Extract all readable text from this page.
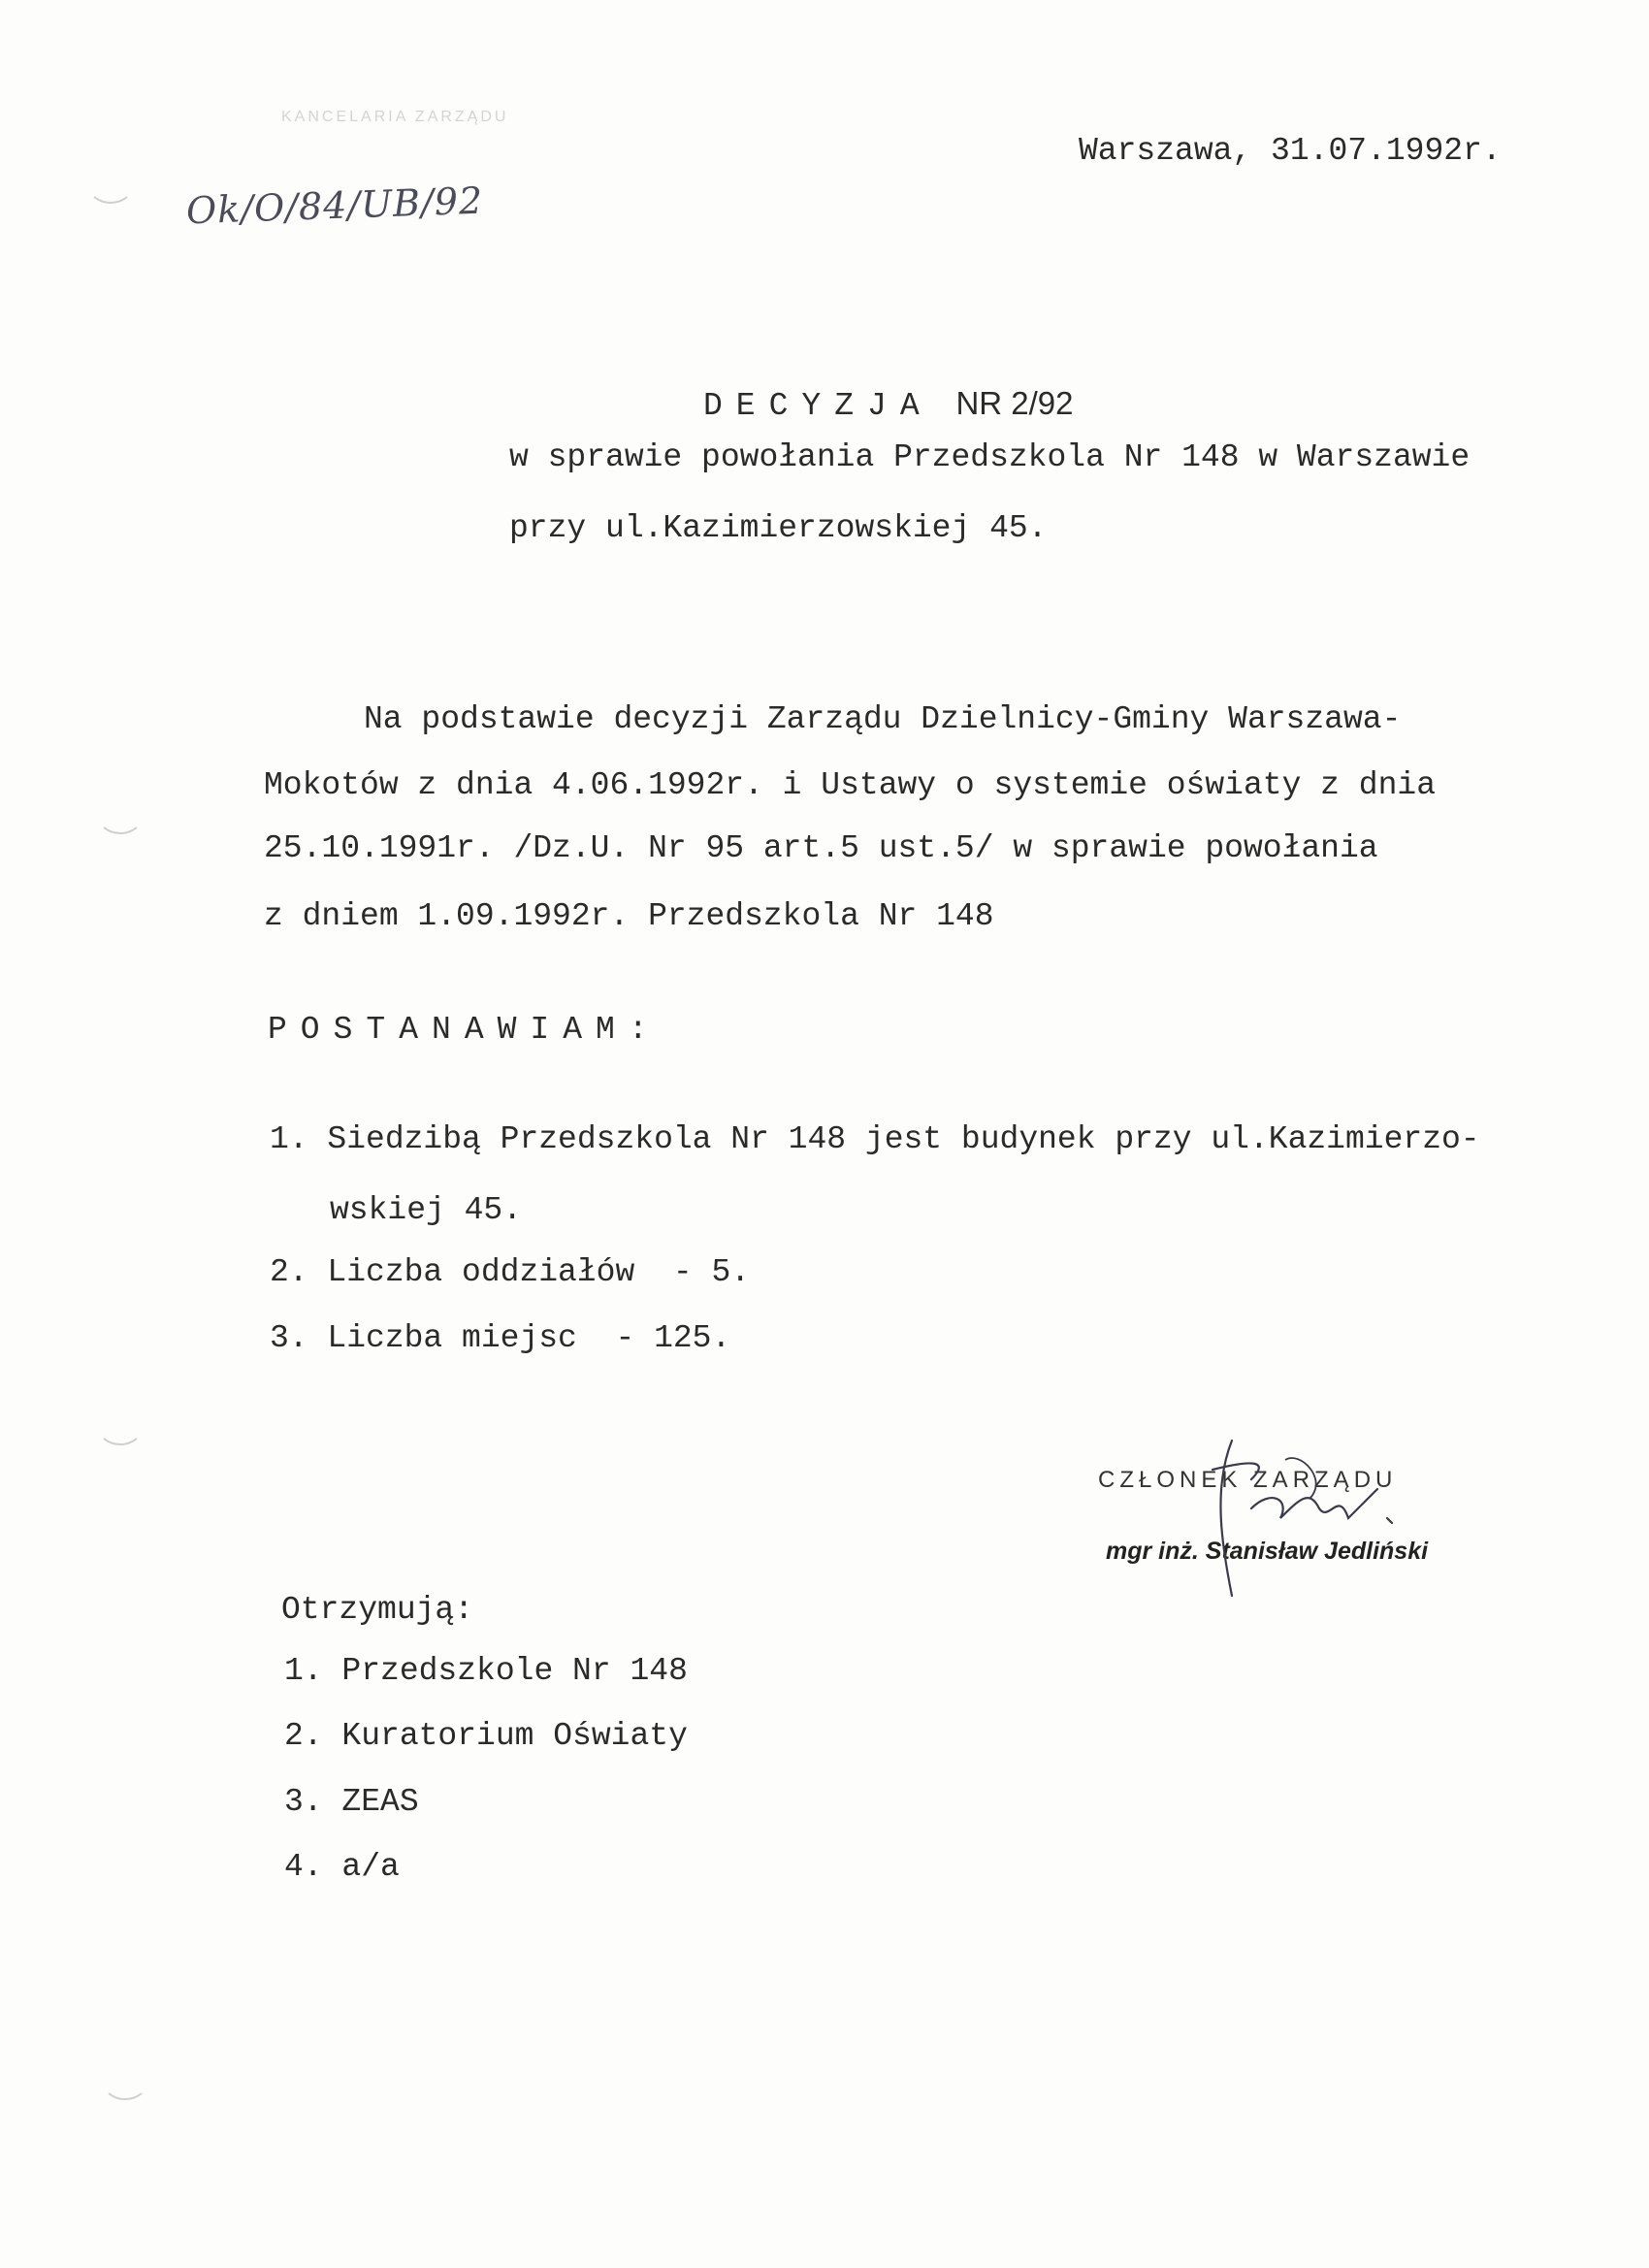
KANCELARIA ZARZĄDU
Ok/O/84/UB/92
Warszawa, 31.07.1992r.
DECYZJA NR 2/92
w sprawie powołania Przedszkola Nr 148 w Warszawie
przy ul.Kazimierzowskiej 45.
Na podstawie decyzji Zarządu Dzielnicy-Gminy Warszawa-
Mokotów z dnia 4.06.1992r. i Ustawy o systemie oświaty z dnia
25.10.1991r. /Dz.U. Nr 95 art.5 ust.5/ w sprawie powołania
z dniem 1.09.1992r. Przedszkola Nr 148
POSTANAWIAM:
1. Siedzibą Przedszkola Nr 148 jest budynek przy ul.Kazimierzo-
wskiej 45.
2. Liczba oddziałów  - 5.
3. Liczba miejsc  - 125.
CZŁONEK ZARZĄDU
mgr inż. Stanisław Jedliński
Otrzymują:
1. Przedszkole Nr 148
2. Kuratorium Oświaty
3. ZEAS
4. a/a
